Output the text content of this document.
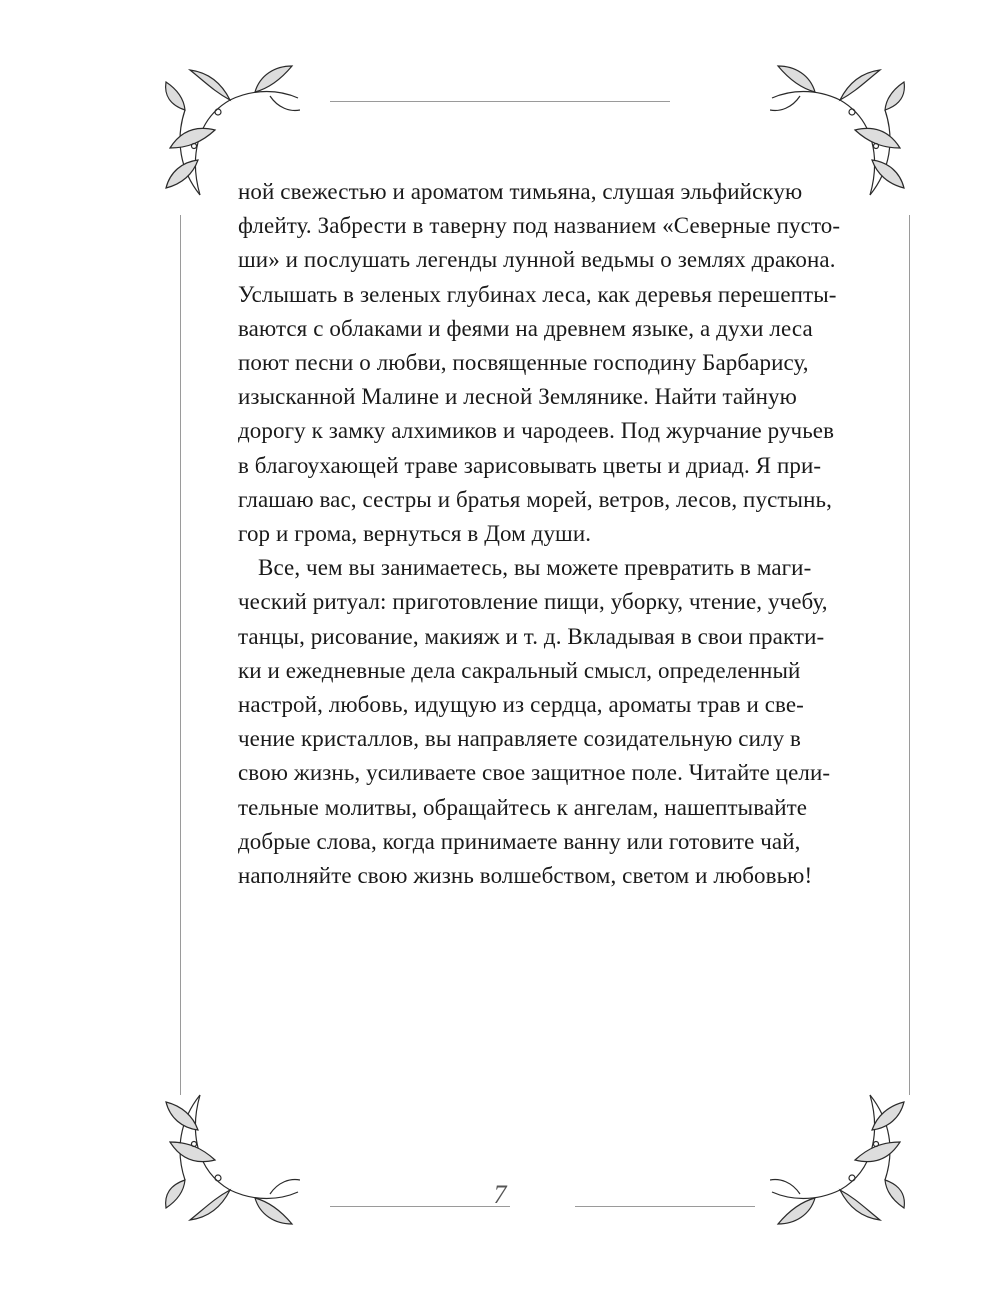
ной свежестью и ароматом тимьяна, слушая эльфийскую
флейту. Забрести в таверну под названием «Северные пусто-
ши» и послушать легенды лунной ведьмы о землях дракона.
Услышать в зеленых глубинах леса, как деревья перешепты-
ваются с облаками и феями на древнем языке, а духи леса
поют песни о любви, посвященные господину Барбарису,
изысканной Малине и лесной Землянике. Найти тайную
дорогу к замку алхимиков и чародеев. Под журчание ручьев
в благоухающей траве зарисовывать цветы и дриад. Я при-
глашаю вас, сестры и братья морей, ветров, лесов, пустынь,
гор и грома, вернуться в Дом души.
Все, чем вы занимаетесь, вы можете превратить в маги-
ческий ритуал: приготовление пищи, уборку, чтение, учебу,
танцы, рисование, макияж и т. д. Вкладывая в свои практи-
ки и ежедневные дела сакральный смысл, определенный
настрой, любовь, идущую из сердца, ароматы трав и све-
чение кристаллов, вы направляете созидательную силу в
свою жизнь, усиливаете свое защитное поле. Читайте цели-
тельные молитвы, обращайтесь к ангелам, нашептывайте
добрые слова, когда принимаете ванну или готовите чай,
наполняйте свою жизнь волшебством, светом и любовью!
7
